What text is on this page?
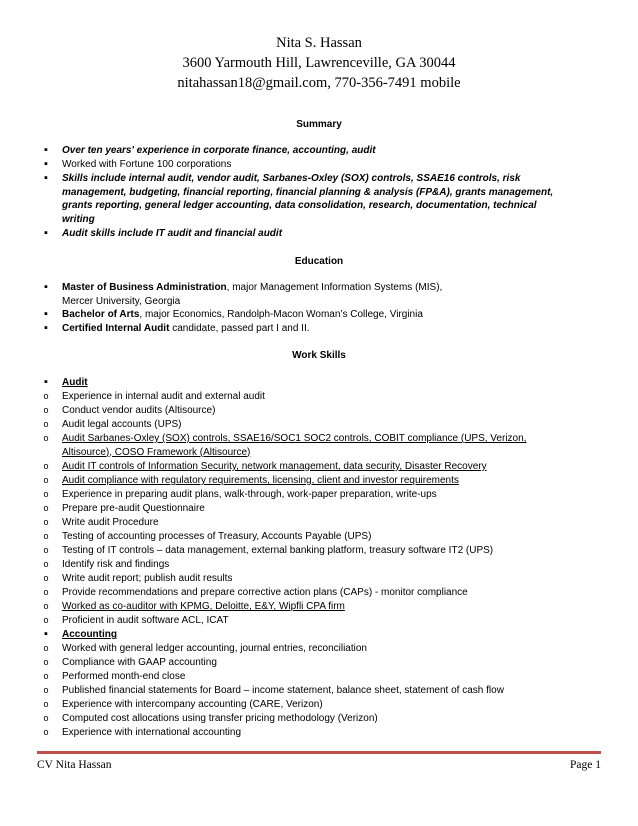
Nita S. Hassan
3600 Yarmouth Hill, Lawrenceville, GA 30044
nitahassan18@gmail.com, 770-356-7491 mobile
Summary
▪
Over ten years' experience in corporate finance, accounting, audit
▪
Worked with Fortune 100 corporations
▪
Skills include internal audit, vendor audit, Sarbanes-Oxley (SOX) controls, SSAE16 controls, risk management, budgeting, financial reporting, financial planning & analysis (FP&A), grants management, grants reporting, general ledger accounting, data consolidation, research, documentation, technical writing
▪
Audit skills include IT audit and financial audit
Education
▪
Master of Business Administration, major Management Information Systems (MIS),
Mercer University, Georgia
▪
Bachelor of Arts, major Economics, Randolph-Macon Woman’s College, Virginia
▪
Certified Internal Audit candidate, passed part I and II.
Work Skills
▪
Audit
o	Experience in internal audit and external audit
o	Conduct vendor audits (Altisource)
o	Audit legal accounts (UPS)
o	Audit Sarbanes-Oxley (SOX) controls, SSAE16/SOC1 SOC2 controls, COBIT compliance (UPS, Verizon, Altisource), COSO Framework (Altisource)
o	Audit IT controls of Information Security, network management, data security, Disaster Recovery
o	Audit compliance with regulatory requirements, licensing, client and investor requirements
o	Experience in preparing audit plans, walk-through, work-paper preparation, write-ups
o	Prepare pre-audit Questionnaire
o	Write audit Procedure
o	Testing of accounting processes of Treasury, Accounts Payable (UPS)
o	Testing of IT controls – data management, external banking platform, treasury software IT2 (UPS)
o	Identify risk and findings
o	Write audit report; publish audit results
o	Provide recommendations and prepare corrective action plans (CAPs) - monitor compliance
o	Worked as co-auditor with KPMG, Deloitte, E&Y, Wipfli CPA firm
o	Proficient in audit software ACL, ICAT
▪
Accounting
o	Worked with general ledger accounting, journal entries, reconciliation
o	Compliance with GAAP accounting
o	Performed month-end close
o	Published financial statements for Board – income statement, balance sheet, statement of cash flow
o	Experience with intercompany accounting (CARE, Verizon)
o	Computed cost allocations using transfer pricing methodology (Verizon)
o	Experience with international accounting
CV Nita Hassan	Page 1
